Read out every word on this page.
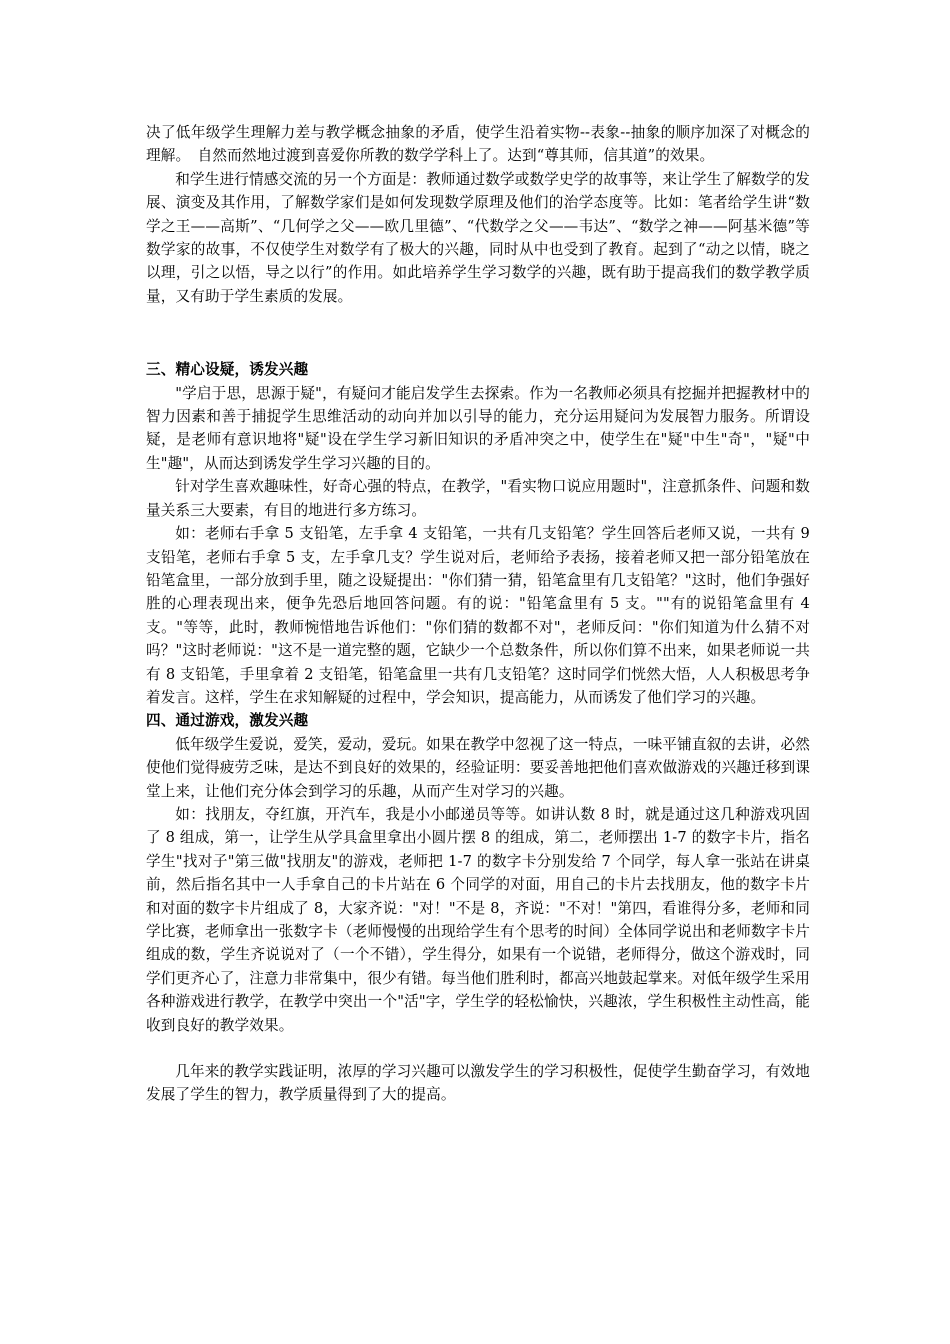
决了低年级学生理解力差与教学概念抽象的矛盾，使学生沿着实物--表象--抽象的顺序加深了对概念的理解。　自然而然地过渡到喜爱你所教的数学学科上了。达到“尊其师，信其道”的效果。

和学生进行情感交流的另一个方面是：教师通过数学或数学史学的故事等，来让学生了解数学的发展、演变及其作用，了解数学家们是如何发现数学原理及他们的治学态度等。比如：笔者给学生讲“数学之王——高斯”、“几何学之父——欧几里德”、“代数学之父——韦达”、“数学之神——阿基米德”等数学家的故事，不仅使学生对数学有了极大的兴趣，同时从中也受到了教育。起到了“动之以情，晓之以理，引之以悟，导之以行”的作用。如此培养学生学习数学的兴趣，既有助于提高我们的数学教学质量，又有助于学生素质的发展。

三、精心设疑，诱发兴趣

"学启于思，思源于疑"，有疑问才能启发学生去探索。作为一名教师必须具有挖掘并把握教材中的智力因素和善于捕捉学生思维活动的动向并加以引导的能力，充分运用疑问为发展智力服务。所谓设疑，是老师有意识地将"疑"设在学生学习新旧知识的矛盾冲突之中，使学生在"疑"中生"奇"，"疑"中生"趣"，从而达到诱发学生学习兴趣的目的。

针对学生喜欢趣味性，好奇心强的特点，在教学，"看实物口说应用题时"，注意抓条件、问题和数量关系三大要素，有目的地进行多方练习。

如：老师右手拿 5 支铅笔，左手拿 4 支铅笔，一共有几支铅笔？学生回答后老师又说，一共有 9 支铅笔，老师右手拿 5 支，左手拿几支？学生说对后，老师给予表扬，接着老师又把一部分铅笔放在铅笔盒里，一部分放到手里，随之设疑提出："你们猜一猜，铅笔盒里有几支铅笔？"这时，他们争强好胜的心理表现出来，便争先恐后地回答问题。有的说："铅笔盒里有 5 支。""有的说铅笔盒里有 4 支。"等等，此时，教师惋惜地告诉他们："你们猜的数都不对"，老师反问："你们知道为什么猜不对吗？"这时老师说："这不是一道完整的题，它缺少一个总数条件，所以你们算不出来，如果老师说一共有 8 支铅笔，手里拿着 2 支铅笔，铅笔盒里一共有几支铅笔？这时同学们恍然大悟，人人积极思考争着发言。这样，学生在求知解疑的过程中，学会知识，提高能力，从而诱发了他们学习的兴趣。

四、通过游戏，激发兴趣

低年级学生爱说，爱笑，爱动，爱玩。如果在教学中忽视了这一特点，一味平铺直叙的去讲，必然使他们觉得疲劳乏味，是达不到良好的效果的，经验证明：要妥善地把他们喜欢做游戏的兴趣迁移到课堂上来，让他们充分体会到学习的乐趣，从而产生对学习的兴趣。

如：找朋友，夺红旗，开汽车，我是小小邮递员等等。如讲认数 8 时，就是通过这几种游戏巩固了 8 组成，第一，让学生从学具盒里拿出小圆片摆 8 的组成，第二，老师摆出 1-7 的数字卡片，指名学生"找对子"第三做"找朋友"的游戏，老师把 1-7 的数字卡分别发给 7 个同学，每人拿一张站在讲桌前，然后指名其中一人手拿自己的卡片站在 6 个同学的对面，用自己的卡片去找朋友，他的数字卡片和对面的数字卡片组成了 8，大家齐说："对！"不是 8，齐说："不对！"第四，看谁得分多，老师和同学比赛，老师拿出一张数字卡（老师慢慢的出现给学生有个思考的时间）全体同学说出和老师数字卡片组成的数，学生齐说说对了（一个不错），学生得分，如果有一个说错，老师得分，做这个游戏时，同学们更齐心了，注意力非常集中，很少有错。每当他们胜利时，都高兴地鼓起掌来。对低年级学生采用各种游戏进行教学，在教学中突出一个"活"字，学生学的轻松愉快，兴趣浓，学生积极性主动性高，能收到良好的教学效果。

几年来的教学实践证明，浓厚的学习兴趣可以激发学生的学习积极性，促使学生勤奋学习，有效地发展了学生的智力，教学质量得到了大的提高。
